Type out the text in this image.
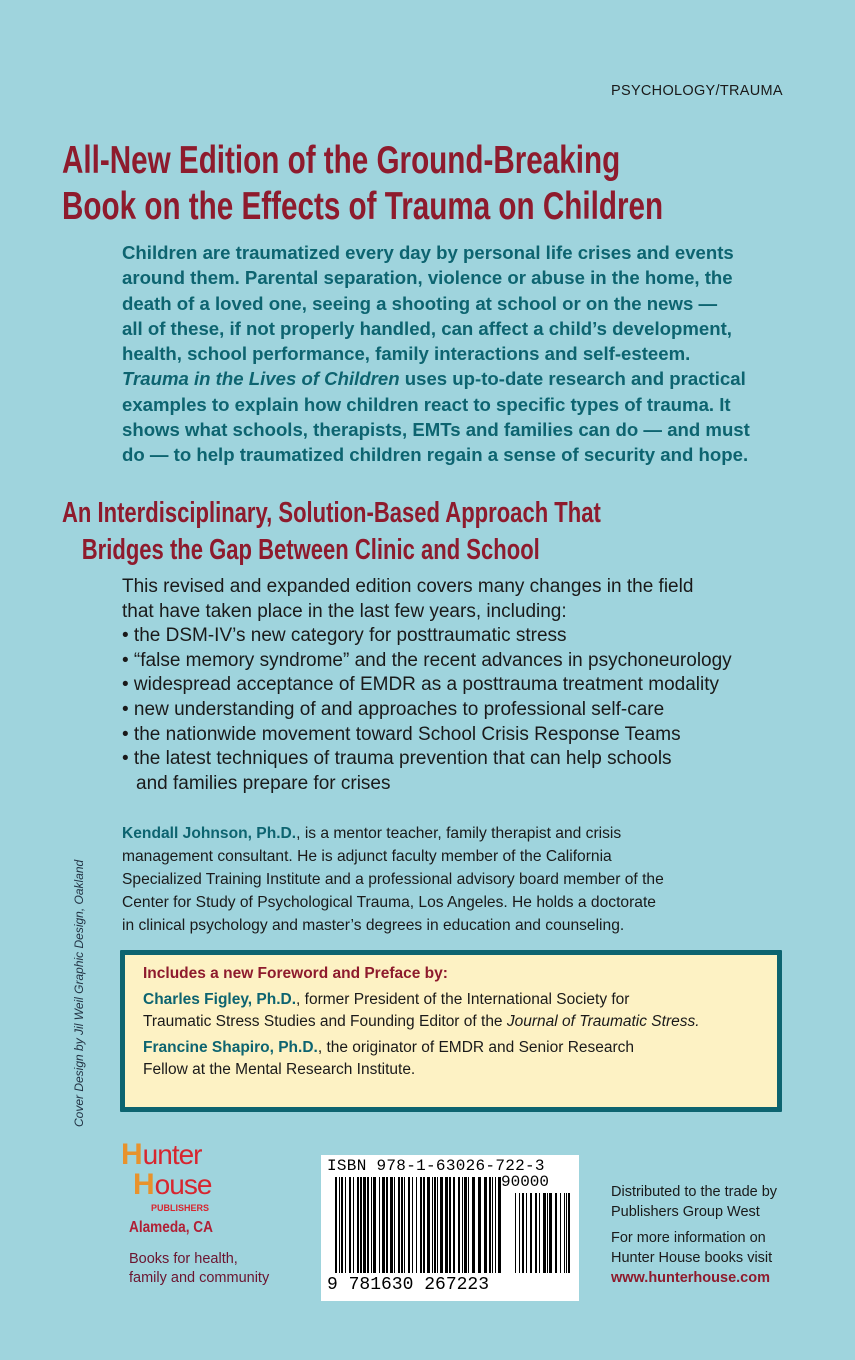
PSYCHOLOGY/TRAUMA
All-New Edition of the Ground-Breaking
Book on the Effects of Trauma on Children
Children are traumatized every day by personal life crises and events
around them. Parental separation, violence or abuse in the home, the
death of a loved one, seeing a shooting at school or on the news —
all of these, if not properly handled, can affect a child’s development,
health, school performance, family interactions and self-esteem.
Trauma in the Lives of Children uses up-to-date research and practical
examples to explain how children react to specific types of trauma. It
shows what schools, therapists, EMTs and families can do — and must
do — to help traumatized children regain a sense of security and hope.
An Interdisciplinary, Solution-Based Approach That
Bridges the Gap Between Clinic and School
This revised and expanded edition covers many changes in the field
that have taken place in the last few years, including:
• the DSM-IV’s new category for posttraumatic stress
• “false memory syndrome” and the recent advances in psychoneurology
• widespread acceptance of EMDR as a posttrauma treatment modality
• new understanding of and approaches to professional self-care
• the nationwide movement toward School Crisis Response Teams
• the latest techniques of trauma prevention that can help schools
and families prepare for crises
Kendall Johnson, Ph.D., is a mentor teacher, family therapist and crisis
management consultant. He is adjunct faculty member of the California
Specialized Training Institute and a professional advisory board member of the
Center for Study of Psychological Trauma, Los Angeles. He holds a doctorate
in clinical psychology and master’s degrees in education and counseling.
Includes a new Foreword and Preface by:

Charles Figley, Ph.D., former President of the International Society for
Traumatic Stress Studies and Founding Editor of the Journal of Traumatic Stress.

Francine Shapiro, Ph.D., the originator of EMDR and Senior Research
Fellow at the Mental Research Institute.

Cover Design by Jil Weil Graphic Design, Oakland
Hunter
House
PUBLISHERS
Alameda, CA
Books for health,
family and community
ISBN 978-1-63026-722-3
90000
9 781630 267223

Distributed to the trade by
Publishers Group West

For more information on
Hunter House books visit
www.hunterhouse.com
